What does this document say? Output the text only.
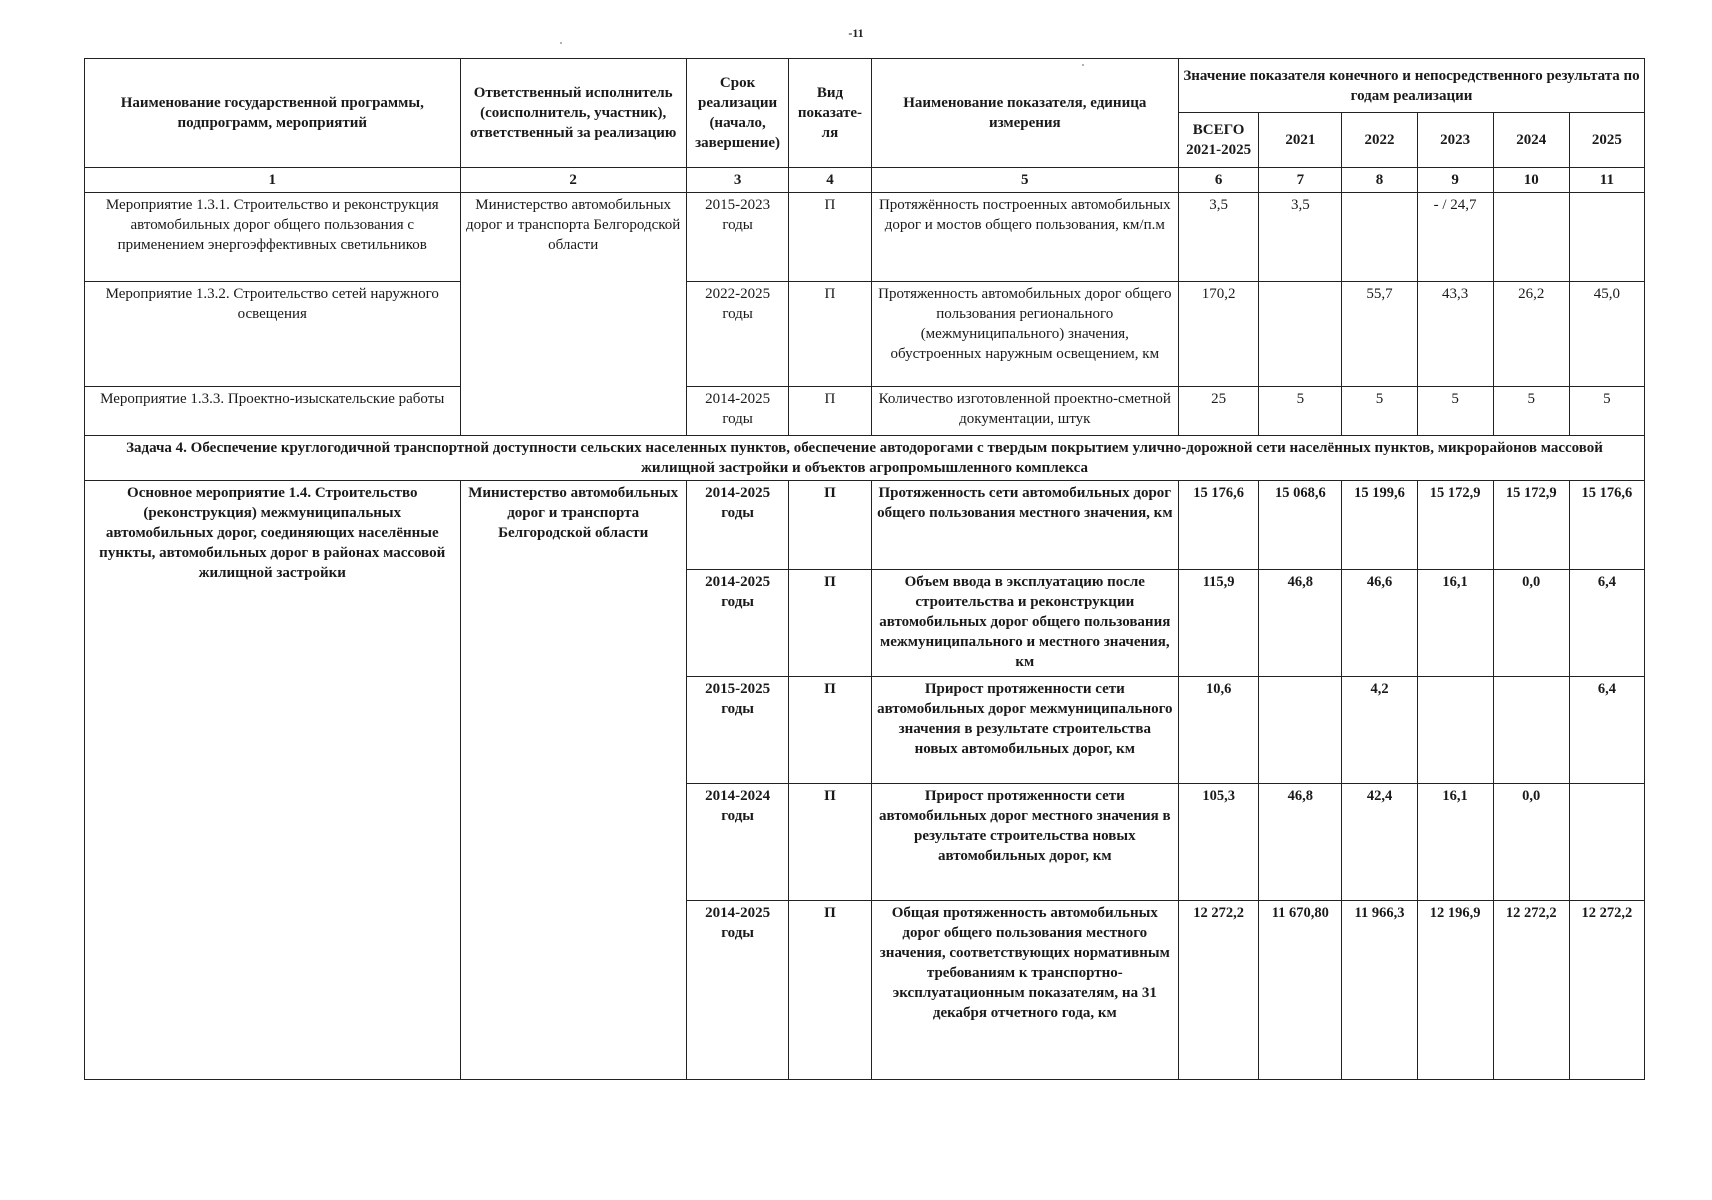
-11
Наименование государственной программы, подпрограмм, мероприятий	Ответственный исполнитель (соисполнитель, участник), ответственный за реализацию	Срок реализации (начало, завершение)	Вид показате-ля	Наименование показателя, единица измерения	Значение показателя конечного и непосредственного результата по годам реализации					
					ВСЕГО 2021-2025	2021	2022	2023	2024	2025
1	2	3	4	5	6	7	8	9	10	11
Мероприятие 1.3.1. Строительство и реконструкция автомобильных дорог общего пользования с применением энергоэффективных светильников	Министерство автомобильных дорог и транспорта Белгородской области	2015-2023 годы	П	Протяжённость построенных автомобильных дорог и мостов общего пользования, км/п.м	3,5	3,5		- / 24,7		
Мероприятие 1.3.2. Строительство сетей наружного освещения		2022-2025 годы	П	Протяженность автомобильных дорог общего пользования регионального (межмуниципального) значения, обустроенных наружным освещением, км	170,2		55,7	43,3	26,2	45,0
Мероприятие 1.3.3. Проектно-изыскательские работы		2014-2025 годы	П	Количество изготовленной проектно-сметной документации, штук	25	5	5	5	5	5
Задача 4. Обеспечение круглогодичной транспортной доступности сельских населенных пунктов, обеспечение автодорогами с твердым покрытием улично-дорожной сети населённых пунктов, микрорайонов массовой жилищной застройки и объектов агропромышленного комплекса										
Основное мероприятие 1.4. Строительство (реконструкция) межмуниципальных автомобильных дорог, соединяющих населённые пункты, автомобильных дорог в районах массовой жилищной застройки	Министерство автомобильных дорог и транспорта Белгородской области	2014-2025 годы	П	Протяженность сети автомобильных дорог общего пользования местного значения, км	15 176,6	15 068,6	15 199,6	15 172,9	15 172,9	15 176,6
		2014-2025 годы	П	Объем ввода в эксплуатацию после строительства и реконструкции автомобильных дорог общего пользования межмуниципального и местного значения, км	115,9	46,8	46,6	16,1	0,0	6,4
		2015-2025 годы	П	Прирост протяженности сети автомобильных дорог межмуниципального значения в результате строительства новых автомобильных дорог, км	10,6		4,2			6,4
		2014-2024 годы	П	Прирост протяженности сети автомобильных дорог местного значения в результате строительства новых автомобильных дорог, км	105,3	46,8	42,4	16,1	0,0	
		2014-2025 годы	П	Общая протяженность автомобильных дорог общего пользования местного значения, соответствующих нормативным требованиям к транспортно-эксплуатационным показателям, на 31 декабря отчетного года, км	12 272,2	11 670,80	11 966,3	12 196,9	12 272,2	12 272,2
